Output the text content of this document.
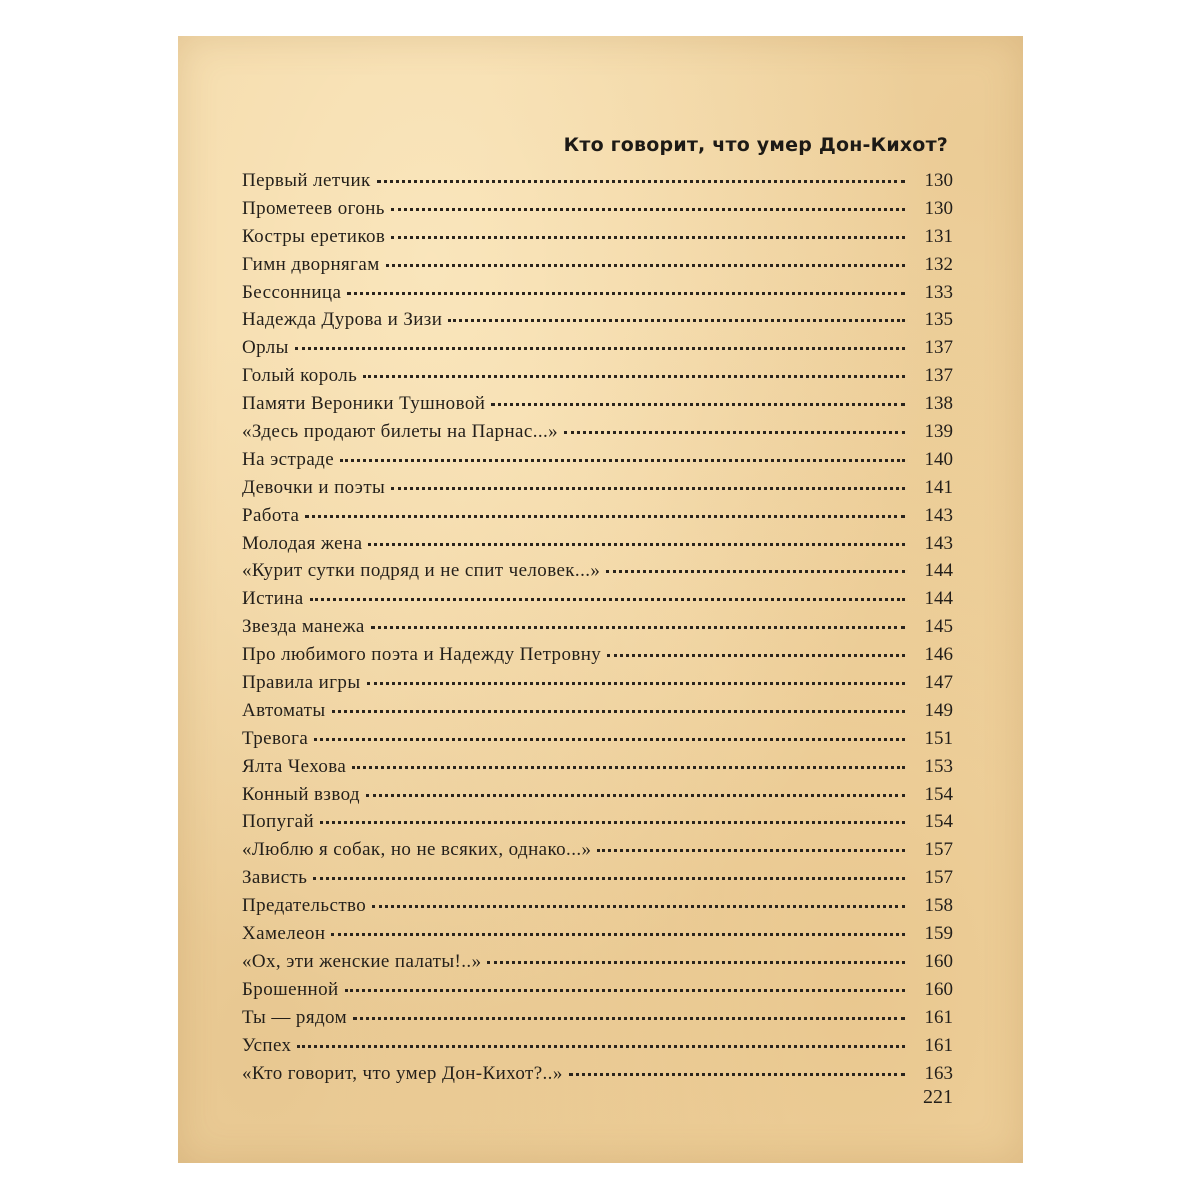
Кто говорит, что умер Дон-Кихот?
Первый летчик	130
Прометеев огонь	130
Костры еретиков	131
Гимн дворнягам	132
Бессонница	133
Надежда Дурова и Зизи	135
Орлы	137
Голый король	137
Памяти Вероники Тушновой	138
«Здесь продают билеты на Парнас...»	139
На эстраде	140
Девочки и поэты	141
Работа	143
Молодая жена	143
«Курит сутки подряд и не спит человек...»	144
Истина	144
Звезда манежа	145
Про любимого поэта и Надежду Петровну	146
Правила игры	147
Автоматы	149
Тревога	151
Ялта Чехова	153
Конный взвод	154
Попугай	154
«Люблю я собак, но не всяких, однако...»	157
Зависть	157
Предательство	158
Хамелеон	159
«Ох, эти женские палаты!..»	160
Брошенной	160
Ты — рядом	161
Успех	161
«Кто говорит, что умер Дон-Кихот?..»	163
221
